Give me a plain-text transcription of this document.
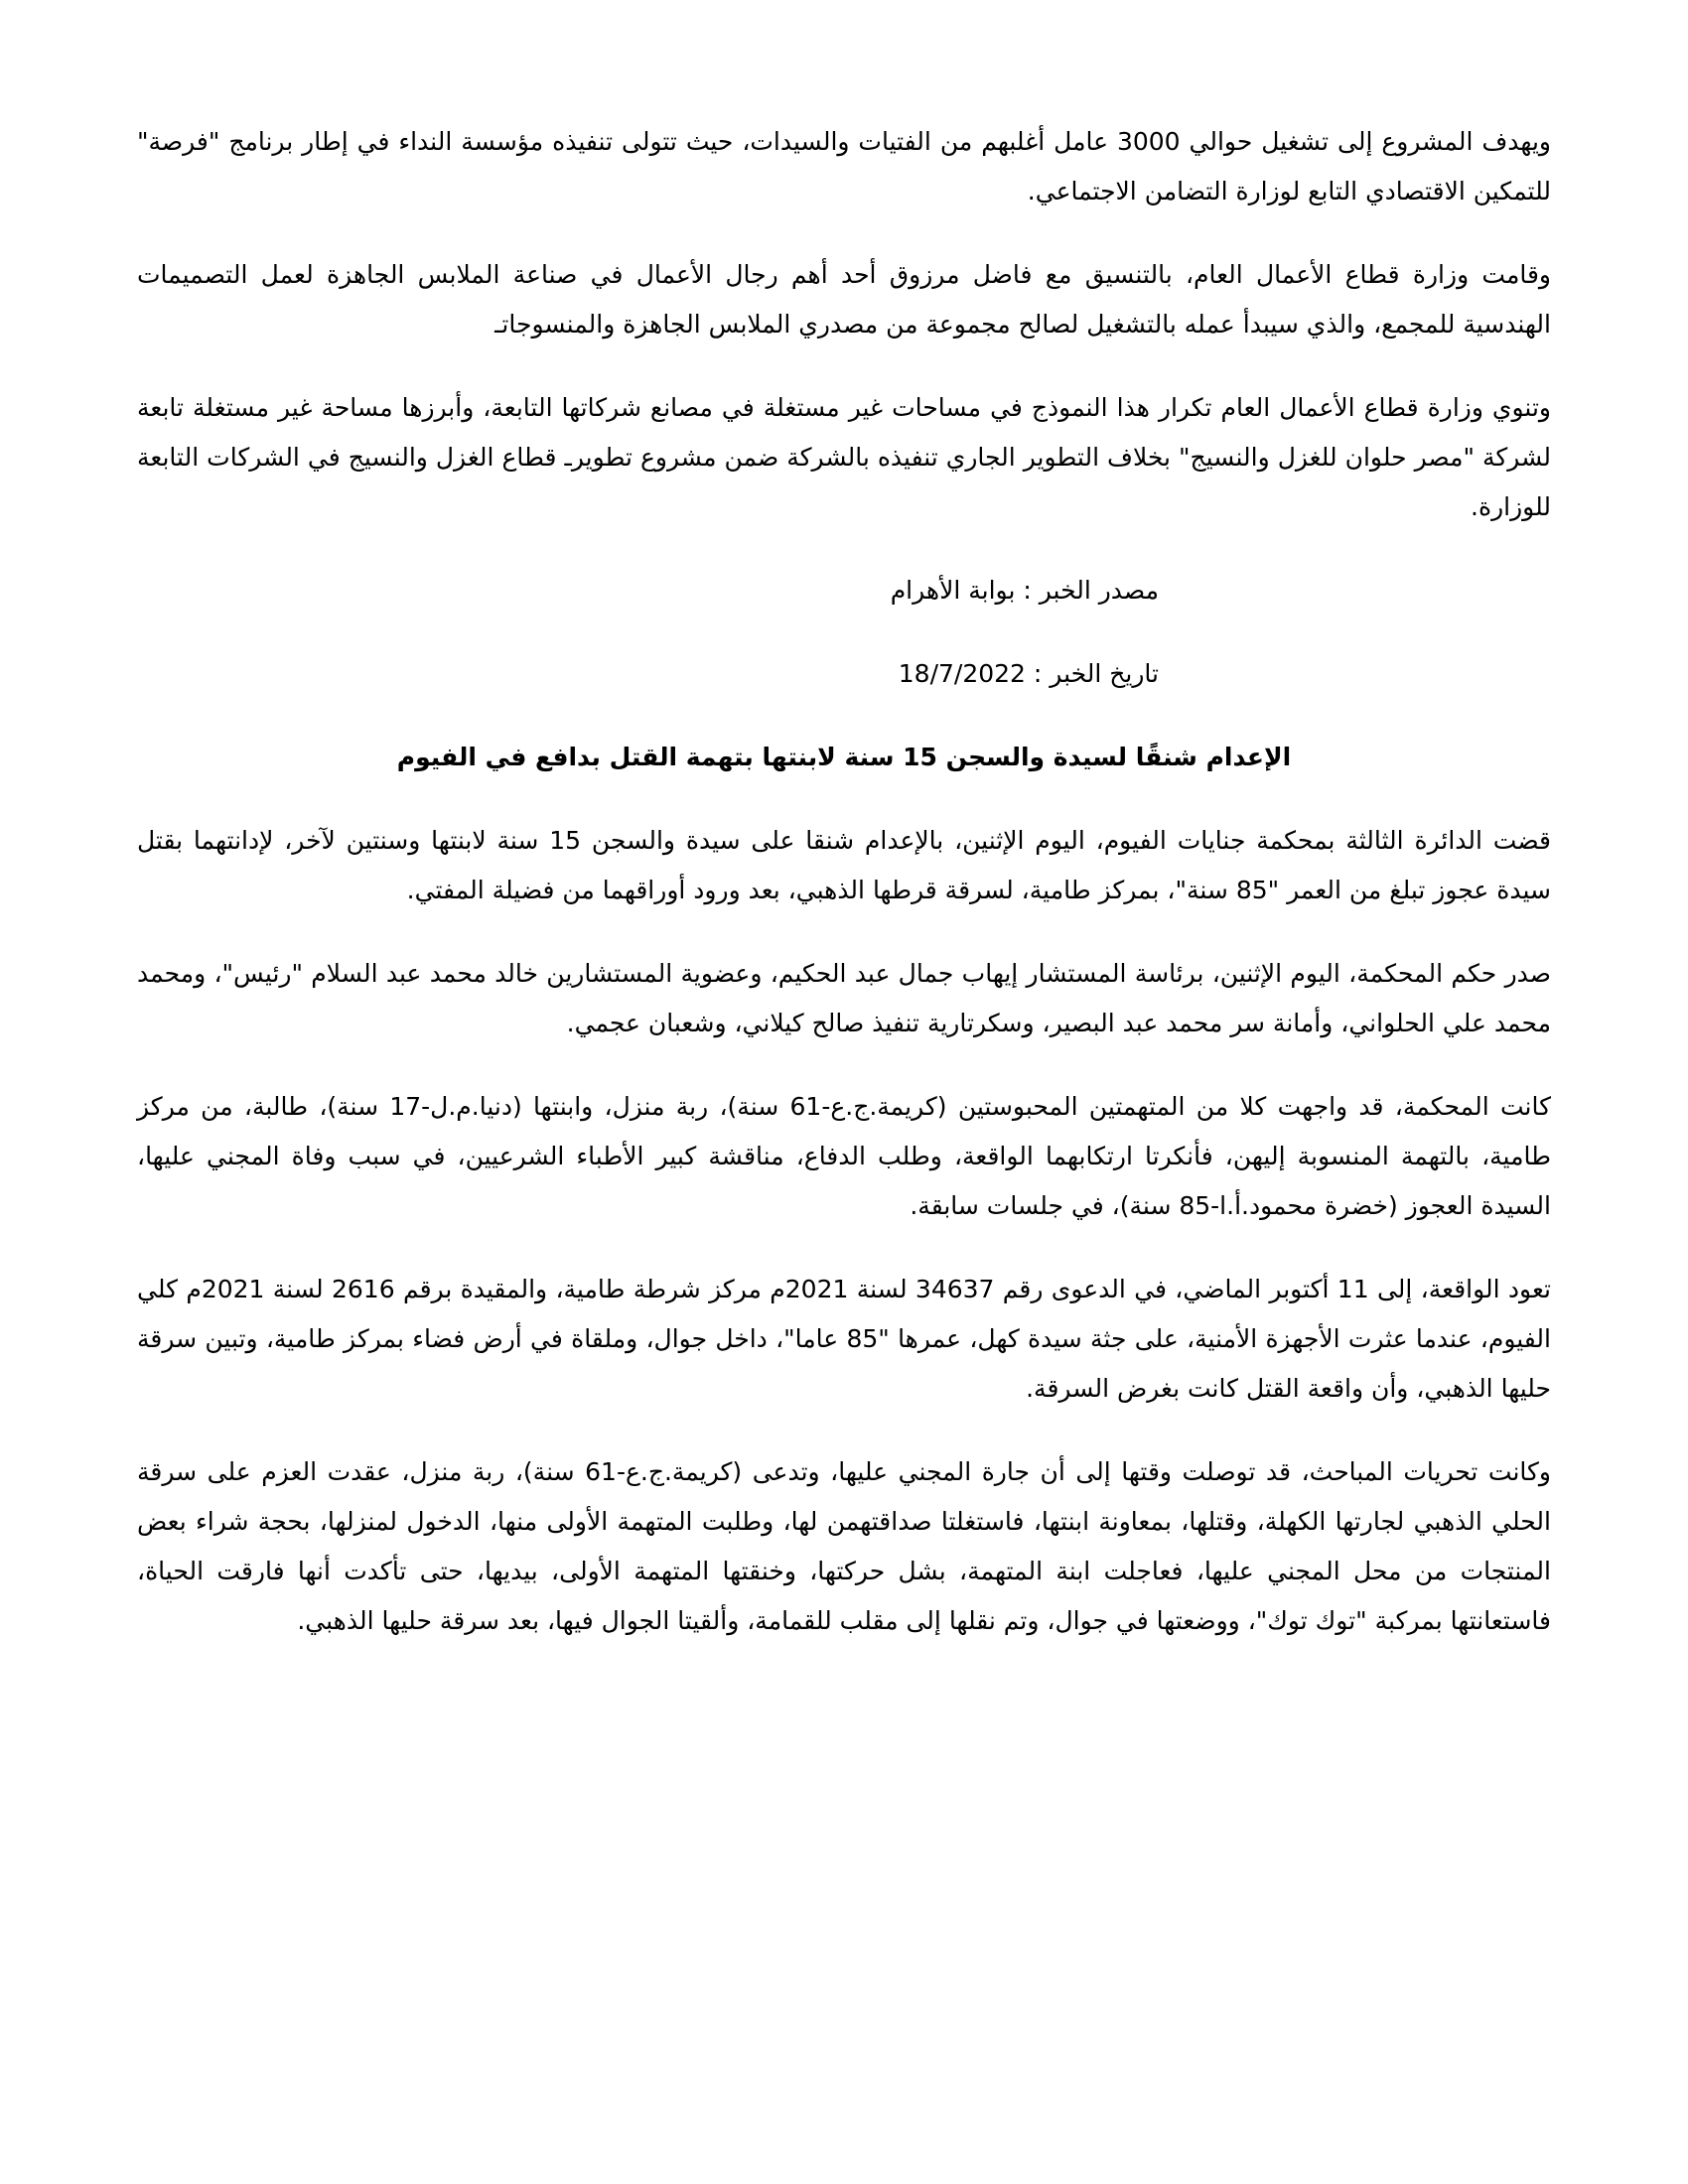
ويهدف المشروع إلى تشغيل حوالي 3000 عامل أغلبهم من الفتيات والسيدات، حيث تتولى تنفيذه مؤسسة النداء في إطار برنامج "فرصة" للتمكين الاقتصادي التابع لوزارة التضامن الاجتماعي.

وقامت وزارة قطاع الأعمال العام، بالتنسيق مع فاضل مرزوق أحد أهم رجال الأعمال في صناعة الملابس الجاهزة لعمل التصميمات الهندسية للمجمع، والذي سيبدأ عمله بالتشغيل لصالح مجموعة من مصدري الملابس الجاهزة والمنسوجاتـ

وتنوي وزارة قطاع الأعمال العام تكرار هذا النموذج في مساحات غير مستغلة في مصانع شركاتها التابعة، وأبرزها مساحة غير مستغلة تابعة لشركة "مصر حلوان للغزل والنسيج" بخلاف التطوير الجاري تنفيذه بالشركة ضمن مشروع تطويرـ قطاع الغزل والنسيج في الشركات التابعة للوزارة.

مصدر الخبر : بوابة الأهرام

تاريخ الخبر : 18/7/2022

الإعدام شنقًا لسيدة والسجن 15 سنة لابنتها بتهمة القتل بدافع في الفيوم

قضت الدائرة الثالثة بمحكمة جنايات الفيوم، اليوم الإثنين، بالإعدام شنقا على سيدة والسجن 15 سنة لابنتها وسنتين لآخر، لإدانتهما بقتل سيدة عجوز تبلغ من العمر "85 سنة"، بمركز طامية، لسرقة قرطها الذهبي، بعد ورود أوراقهما من فضيلة المفتي.

صدر حكم المحكمة، اليوم الإثنين، برئاسة المستشار إيهاب جمال عبد الحكيم، وعضوية المستشارين خالد محمد عبد السلام "رئيس"، ومحمد محمد علي الحلواني، وأمانة سر محمد عبد البصير، وسكرتارية تنفيذ صالح كيلاني، وشعبان عجمي.

كانت المحكمة، قد واجهت كلا من المتهمتين المحبوستين (كريمة.ج.ع-61 سنة)، ربة منزل، وابنتها (دنيا.م.ل-17 سنة)، طالبة، من مركز طامية، بالتهمة المنسوبة إليهن، فأنكرتا ارتكابهما الواقعة، وطلب الدفاع، مناقشة كبير الأطباء الشرعيين، في سبب وفاة المجني عليها، السيدة العجوز (خضرة محمود.أ.ا-85 سنة)، في جلسات سابقة.

تعود الواقعة، إلى 11 أكتوبر الماضي، في الدعوى رقم 34637 لسنة 2021م مركز شرطة طامية، والمقيدة برقم 2616 لسنة 2021م كلي الفيوم، عندما عثرت الأجهزة الأمنية، على جثة سيدة كهل، عمرها "85 عاما"، داخل جوال، وملقاة في أرض فضاء بمركز طامية، وتبين سرقة حليها الذهبي، وأن واقعة القتل كانت بغرض السرقة.

وكانت تحريات المباحث، قد توصلت وقتها إلى أن جارة المجني عليها، وتدعى (كريمة.ج.ع-61 سنة)، ربة منزل، عقدت العزم على سرقة الحلي الذهبي لجارتها الكهلة، وقتلها، بمعاونة ابنتها، فاستغلتا صداقتهمن لها، وطلبت المتهمة الأولى منها، الدخول لمنزلها، بحجة شراء بعض المنتجات من محل المجني عليها، فعاجلت ابنة المتهمة، بشل حركتها، وخنقتها المتهمة الأولى، بيديها، حتى تأكدت أنها فارقت الحياة، فاستعانتها بمركبة "توك توك"، ووضعتها في جوال، وتم نقلها إلى مقلب للقمامة، وألقيتا الجوال فيها، بعد سرقة حليها الذهبي.
